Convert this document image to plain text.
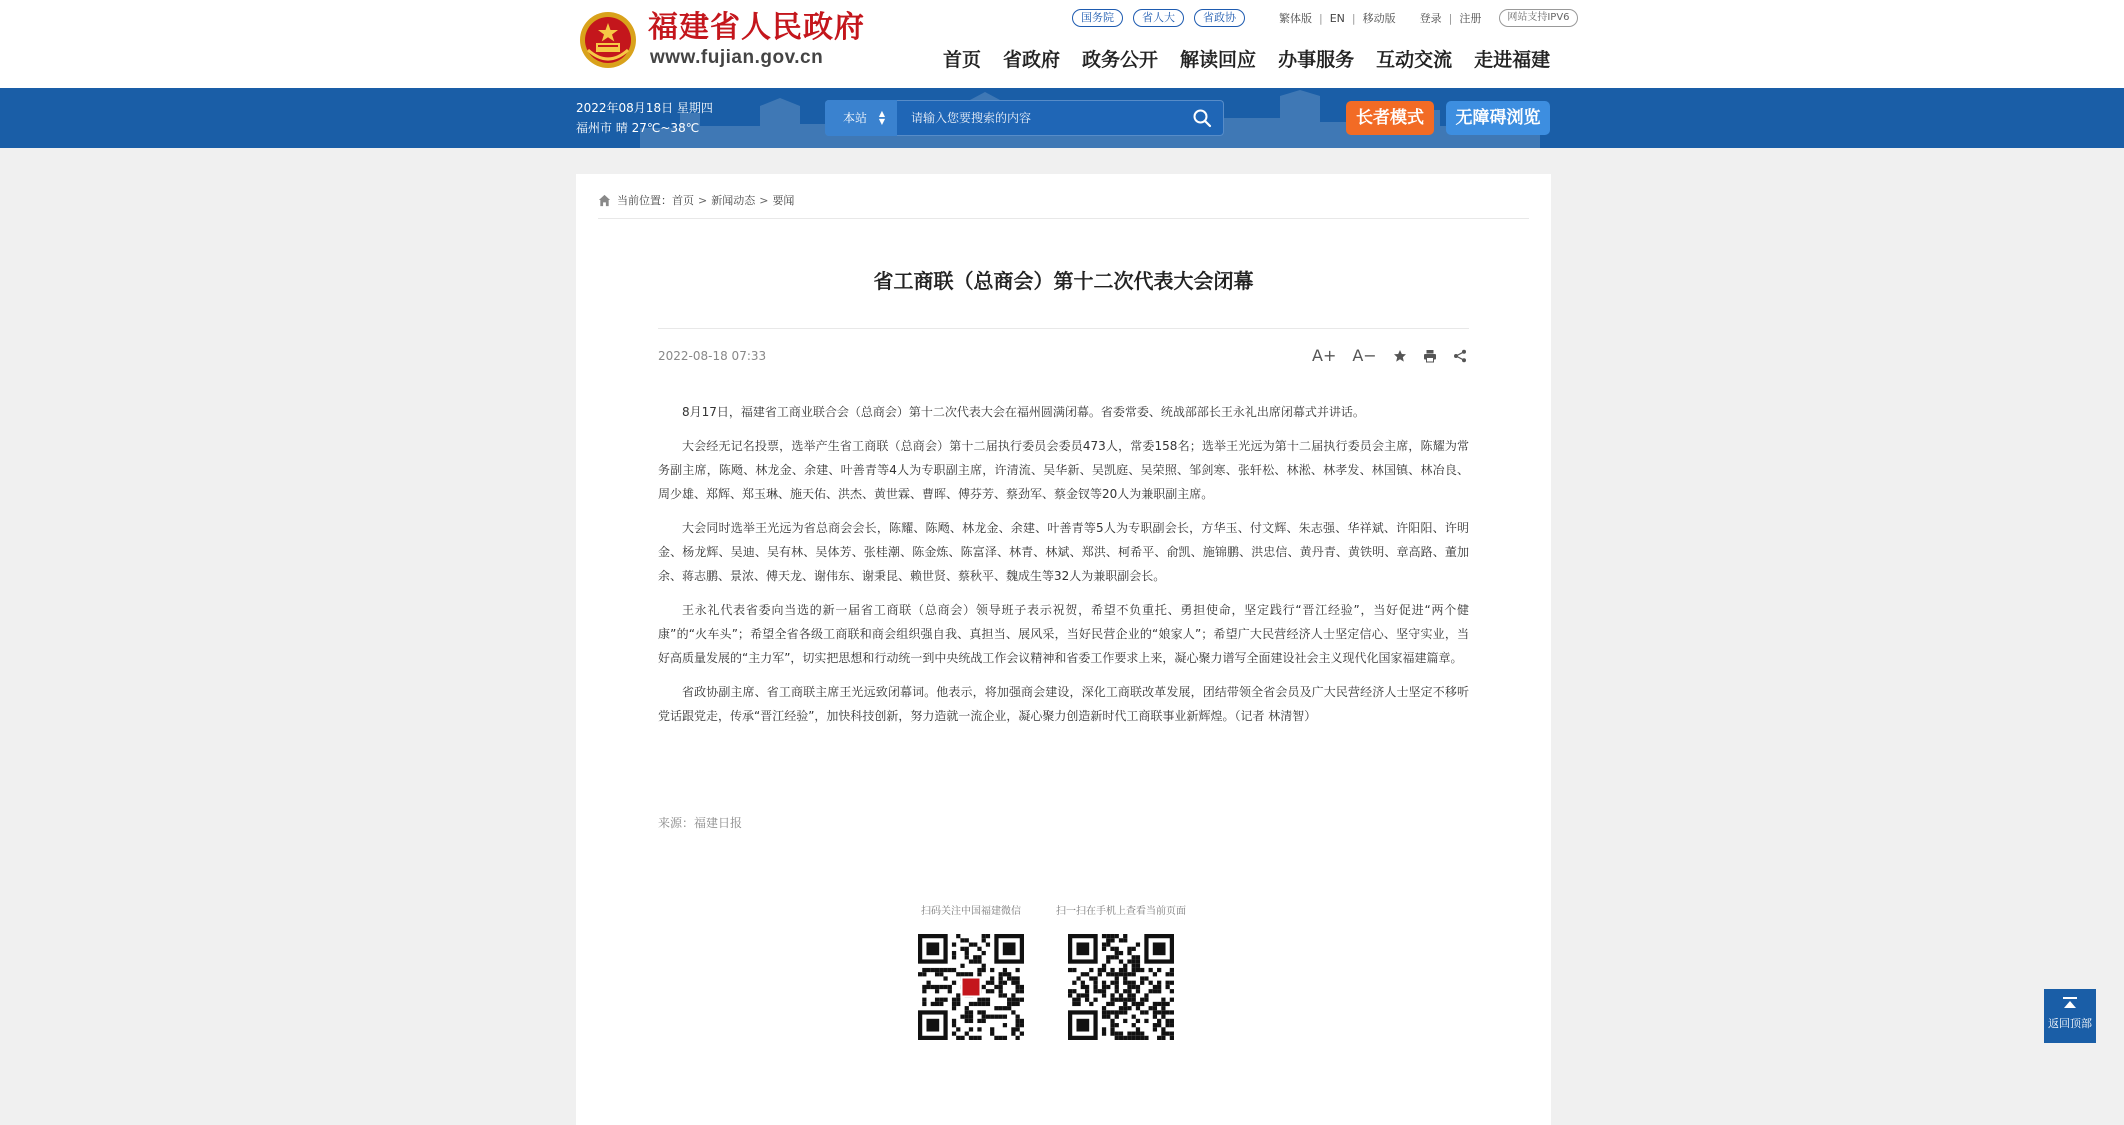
福建省人民政府
www.fujian.gov.cn
国务院	省人大	省政协	繁体版 | EN | 移动版 登录 | 注册	网站支持IPV6
首页 省政府 政务公开 解读回应 办事服务 互动交流 走进福建
2022年08月18日 星期四
福州市 晴 27℃~38℃
本站 ▲
▼
请输入您要搜索的内容	长者模式	无障碍浏览
当前位置： 首页 > 新闻动态 > 要闻
省工商联（总商会）第十二次代表大会闭幕
2022-08-18 07:33	A+ A−

8月17日，福建省工商业联合会（总商会）第十二次代表大会在福州圆满闭幕。省委常委、统战部部长王永礼出席闭幕式并讲话。

大会经无记名投票，选举产生省工商联（总商会）第十二届执行委员会委员473人，常委158名；选举王光远为第十二届执行委员会主席，陈耀为常务副主席，陈飏、林龙金、余建、叶善青等4人为专职副主席，许清流、吴华新、吴凯庭、吴荣照、邹剑寒、张轩松、林淞、林孝发、林国镇、林冶良、周少雄、郑辉、郑玉琳、施天佑、洪杰、黄世霖、曹晖、傅芬芳、蔡劲军、蔡金钗等20人为兼职副主席。

大会同时选举王光远为省总商会会长，陈耀、陈飏、林龙金、余建、叶善青等5人为专职副会长，方华玉、付文辉、朱志强、华祥斌、许阳阳、许明金、杨龙辉、吴迪、吴有林、吴体芳、张桂潮、陈金炼、陈富泽、林青、林斌、郑洪、柯希平、俞凯、施锦鹏、洪忠信、黄丹青、黄铁明、章高路、董加余、蒋志鹏、景浓、傅天龙、谢伟东、谢秉昆、赖世贤、蔡秋平、魏成生等32人为兼职副会长。

王永礼代表省委向当选的新一届省工商联（总商会）领导班子表示祝贺，希望不负重托、勇担使命，坚定践行“晋江经验”，当好促进“两个健康”的“火车头”；希望全省各级工商联和商会组织强自我、真担当、展风采，当好民营企业的“娘家人”；希望广大民营经济人士坚定信心、坚守实业，当好高质量发展的“主力军”，切实把思想和行动统一到中央统战工作会议精神和省委工作要求上来，凝心聚力谱写全面建设社会主义现代化国家福建篇章。

省政协副主席、省工商联主席王光远致闭幕词。他表示，将加强商会建设，深化工商联改革发展，团结带领全省会员及广大民营经济人士坚定不移听党话跟党走，传承“晋江经验”，加快科技创新，努力造就一流企业，凝心聚力创造新时代工商联事业新辉煌。（记者 林清智）

来源：福建日报
扫码关注中国福建微信	扫一扫在手机上查看当前页面
返回顶部
